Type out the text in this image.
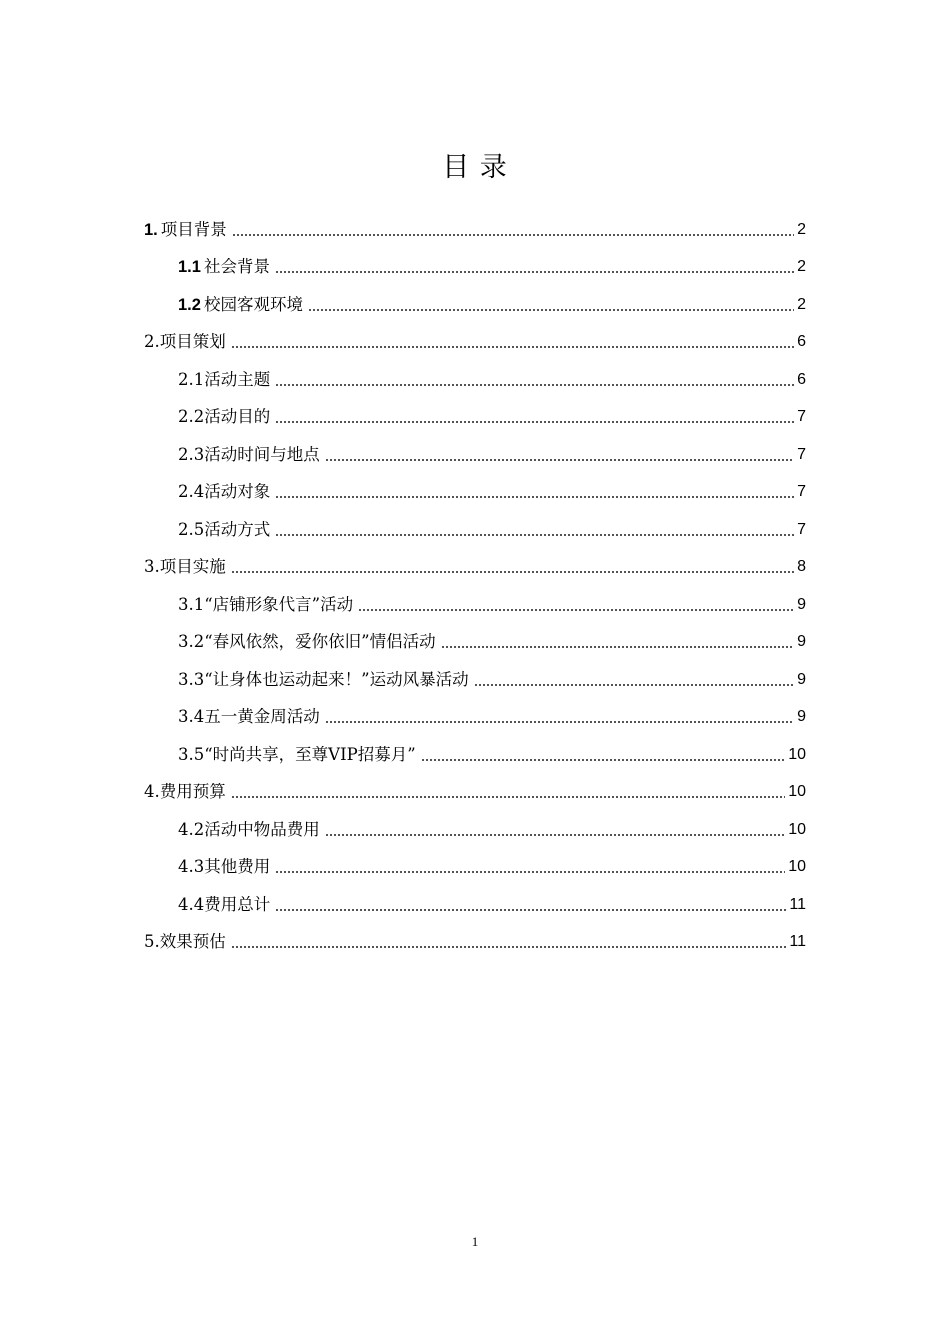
目 录
1. 项目背景	2
1.1 社会背景	2
1.2 校园客观环境	2
2. 项目策划	6
2.1 活动主题	6
2.2 活动目的	7
2.3 活动时间与地点	7
2.4 活动对象	7
2.5 活动方式	7
3. 项目实施	8
3.1 “店铺形象代言”活动	9
3.2 “春风依然，爱你依旧”情侣活动	9
3.3 “让身体也运动起来！”运动风暴活动	9
3.4 五一黄金周活动	9
3.5 “时尚共享，至尊VIP招募月”	10
4. 费用预算	10
4.2 活动中物品费用	10
4.3 其他费用	10
4.4 费用总计	11
5. 效果预估	11
1
